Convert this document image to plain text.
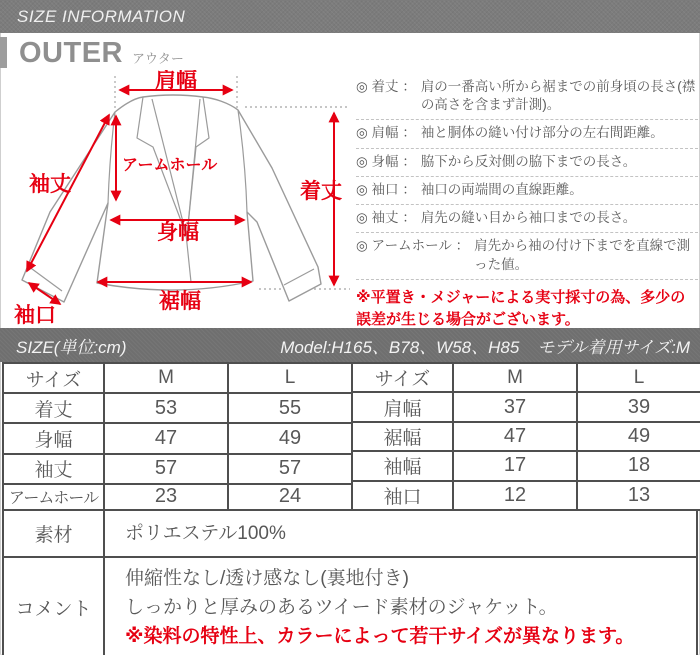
SIZE INFORMATION
OUTER アウター
肩幅
アームホール
袖丈	着丈
身幅
裾幅
袖口
◎ 着丈 ： 肩の一番高い所から裾までの前身頃の長さ(襟の高さを含まず計測)。
◎ 肩幅 ： 袖と胴体の縫い付け部分の左右間距離。
◎ 身幅 ： 脇下から反対側の脇下までの長さ。
◎ 袖口 ： 袖口の両端間の直線距離。
◎ 袖丈 ： 肩先の縫い目から袖口までの長さ。
◎ アームホール ： 肩先から袖の付け下までを直線で測った値。
※平置き・メジャーによる実寸採寸の為、多少の誤差が生じる場合がございます。
SIZE(単位:cm)	Model:H165、B78、W58、H85 モデル着用サイズ:M
サイズ	M	L
着丈	53	55
身幅	47	49
袖丈	57	57
アームホール	23	24
サイズ	M	L
肩幅	37	39
裾幅	47	49
袖幅	17	18
袖口	12	13
素材	ポリエステル100%
コメント	伸縮性なし/透け感なし(裏地付き)
しっかりと厚みのあるツイード素材のジャケット。
※染料の特性上、カラーによって若干サイズが異なります。
